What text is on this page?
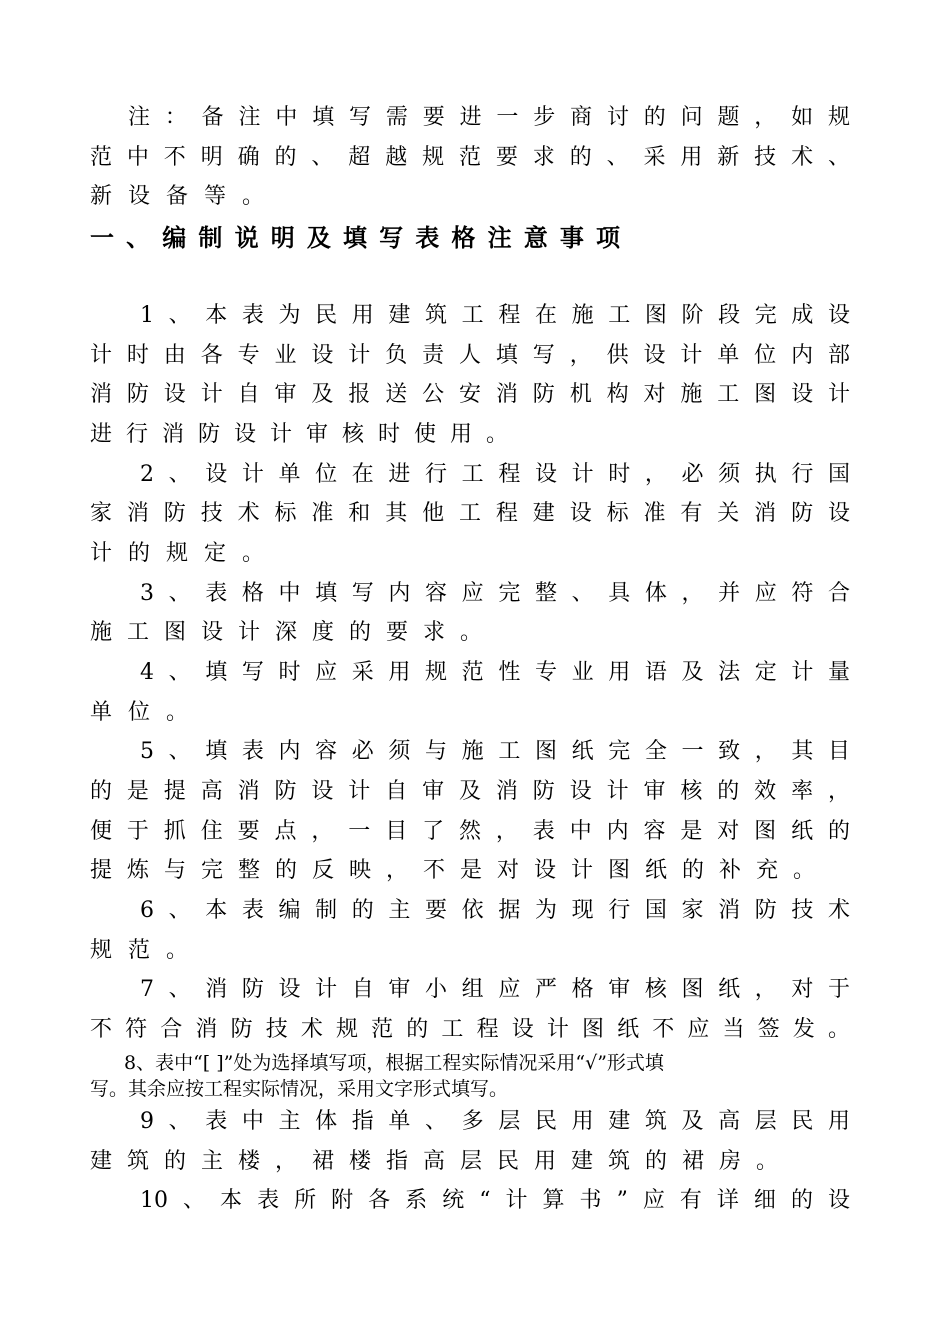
注：备注中填写需要进一步商讨的问题，如规
范中不明确的、超越规范要求的、采用新技术、
新设备等。
一、编制说明及填写表格注意事项
1、本表为民用建筑工程在施工图阶段完成设
计时由各专业设计负责人填写，供设计单位内部
消防设计自审及报送公安消防机构对施工图设计
进行消防设计审核时使用。
2、设计单位在进行工程设计时，必须执行国
家消防技术标准和其他工程建设标准有关消防设
计的规定。
3、表格中填写内容应完整、具体，并应符合
施工图设计深度的要求。
4、填写时应采用规范性专业用语及法定计量
单位。
5、填表内容必须与施工图纸完全一致，其目
的是提高消防设计自审及消防设计审核的效率，
便于抓住要点，一目了然，表中内容是对图纸的
提炼与完整的反映，不是对设计图纸的补充。
6、本表编制的主要依据为现行国家消防技术
规范。
7、消防设计自审小组应严格审核图纸，对于
不符合消防技术规范的工程设计图纸不应当签发。
8、表中“[ ]”处为选择填写项，根据工程实际情况采用“√”形式填
写。其余应按工程实际情况，采用文字形式填写。
9、表中主体指单、多层民用建筑及高层民用
建筑的主楼，裙楼指高层民用建筑的裙房。
10、本表所附各系统“计算书”应有详细的设
